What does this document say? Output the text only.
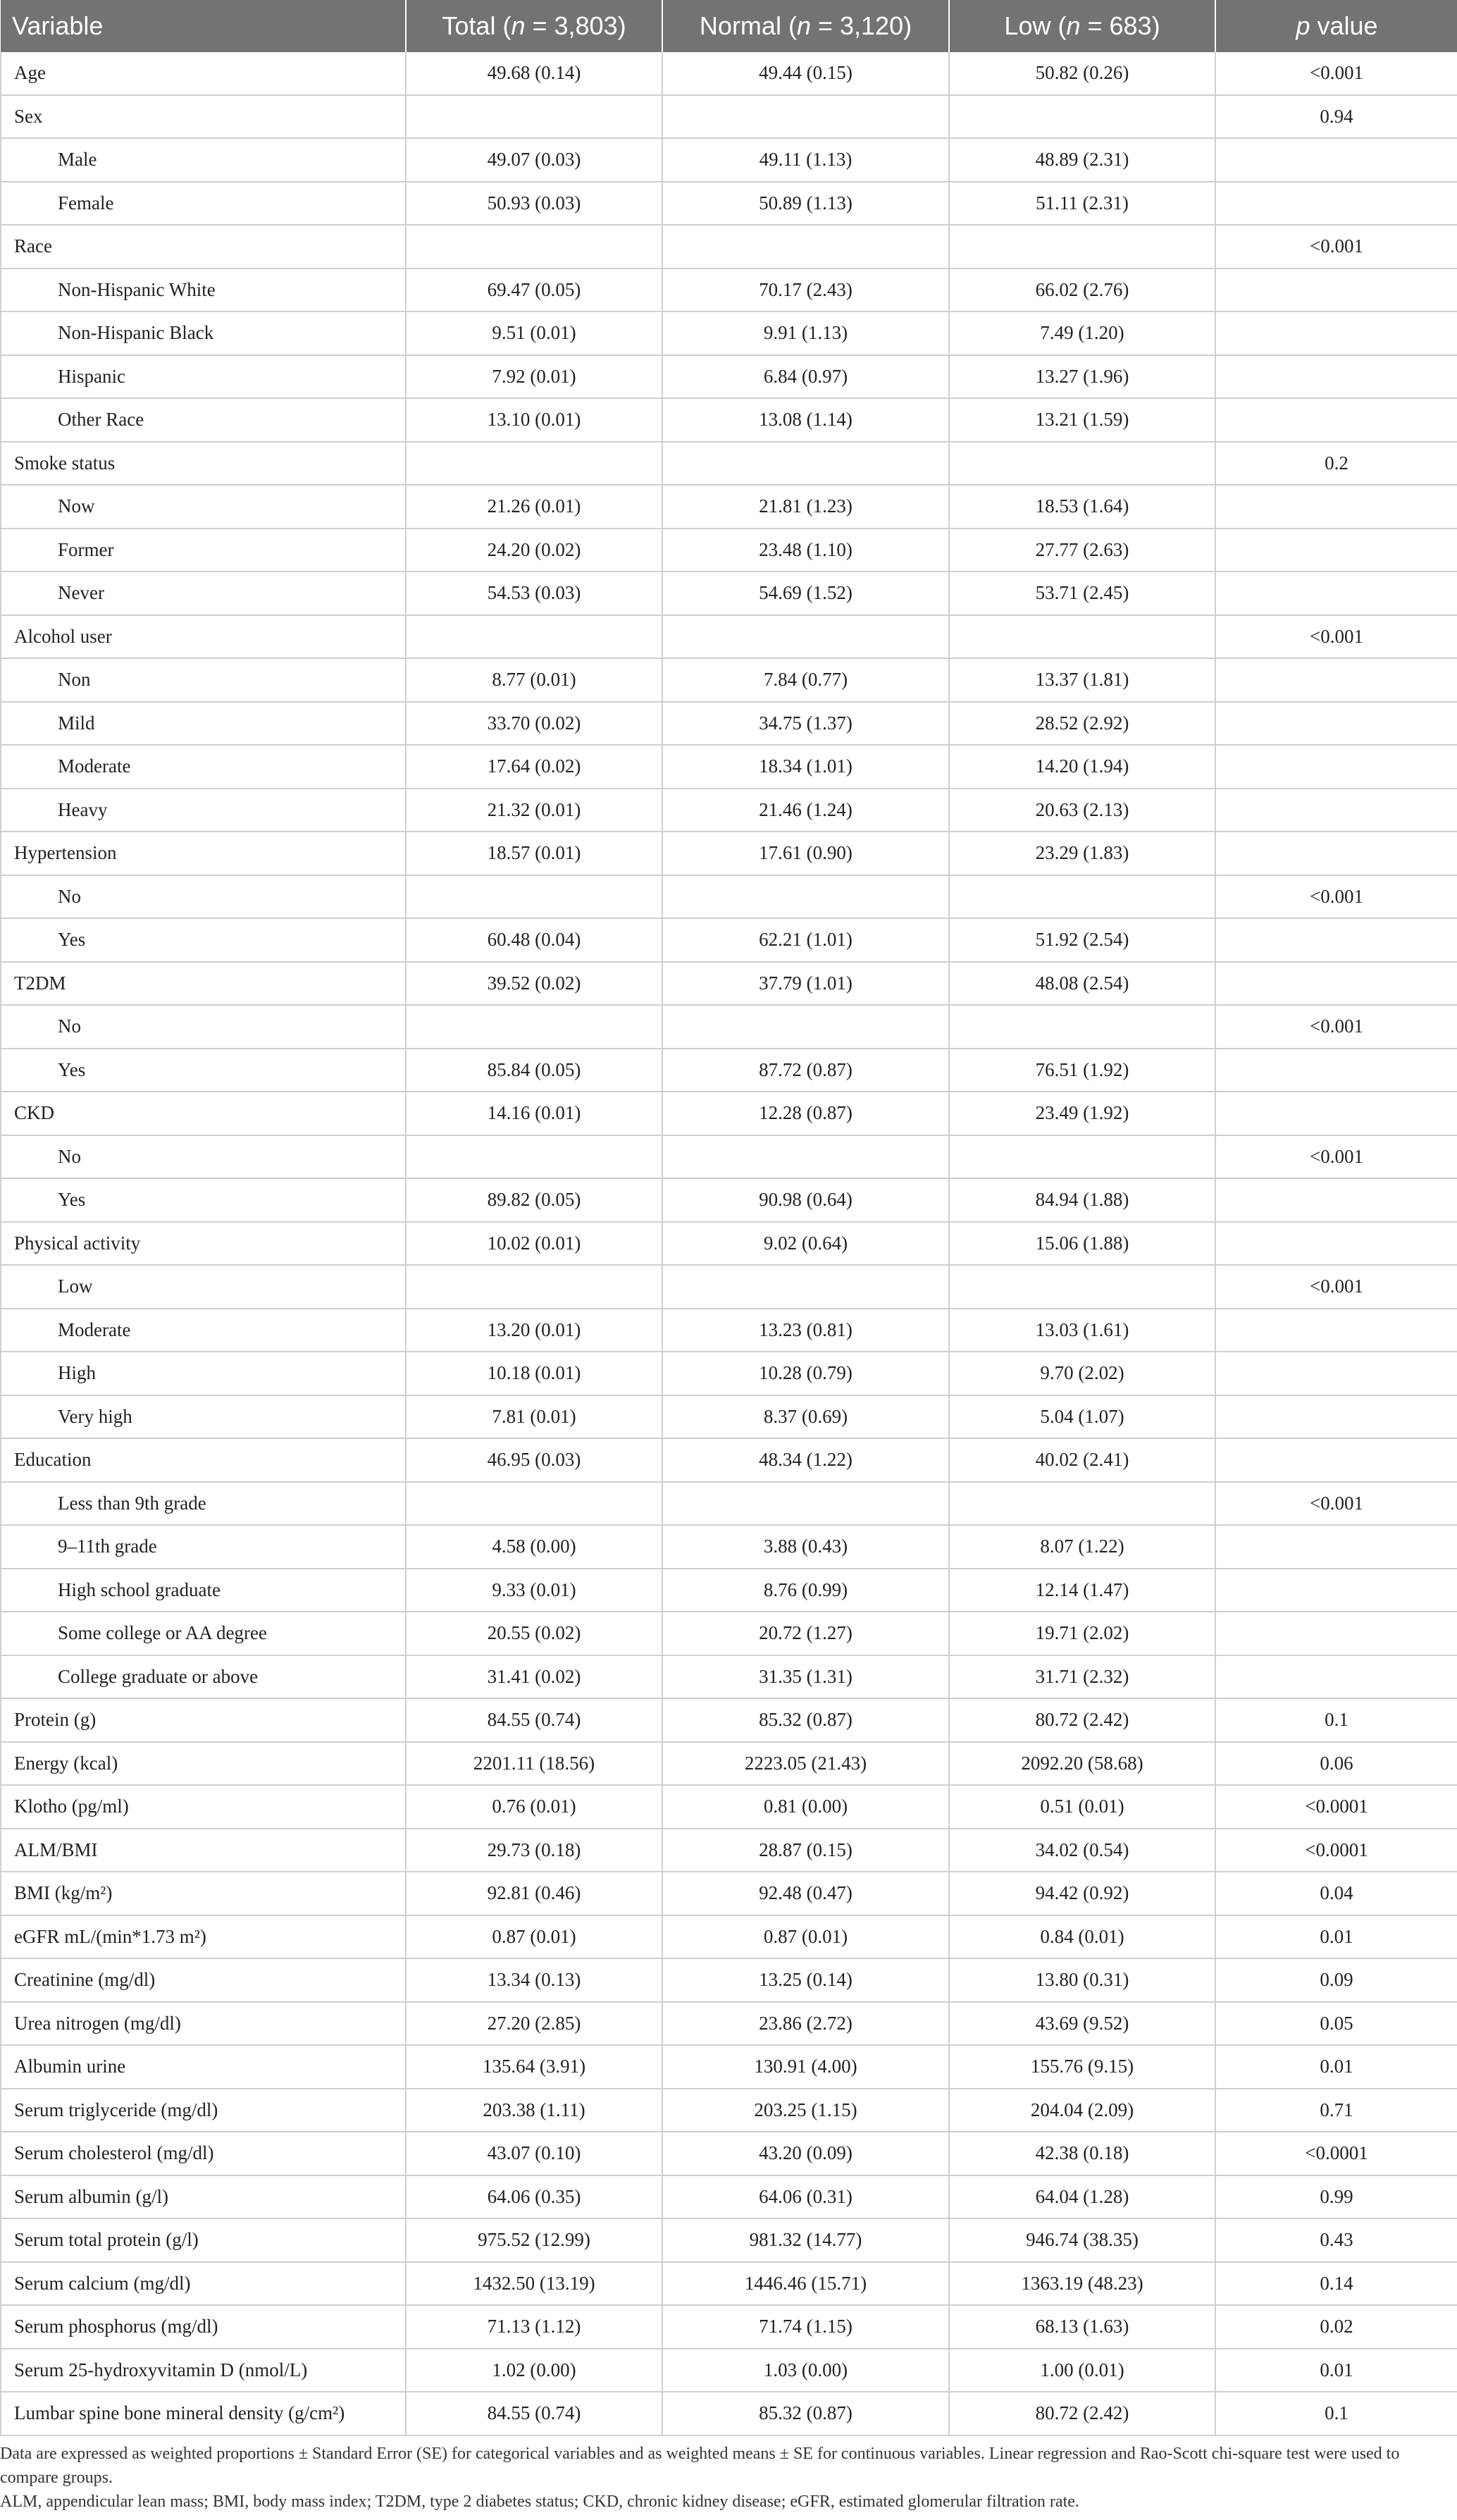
Variable	Total (n = 3,803)	Normal (n = 3,120)	Low (n = 683)	p value
Age	49.68 (0.14)	49.44 (0.15)	50.82 (0.26)	<0.001
Sex				0.94
Male	49.07 (0.03)	49.11 (1.13)	48.89 (2.31)	
Female	50.93 (0.03)	50.89 (1.13)	51.11 (2.31)	
Race				<0.001
Non-Hispanic White	69.47 (0.05)	70.17 (2.43)	66.02 (2.76)	
Non-Hispanic Black	9.51 (0.01)	9.91 (1.13)	7.49 (1.20)	
Hispanic	7.92 (0.01)	6.84 (0.97)	13.27 (1.96)	
Other Race	13.10 (0.01)	13.08 (1.14)	13.21 (1.59)	
Smoke status				0.2
Now	21.26 (0.01)	21.81 (1.23)	18.53 (1.64)	
Former	24.20 (0.02)	23.48 (1.10)	27.77 (2.63)	
Never	54.53 (0.03)	54.69 (1.52)	53.71 (2.45)	
Alcohol user				<0.001
Non	8.77 (0.01)	7.84 (0.77)	13.37 (1.81)	
Mild	33.70 (0.02)	34.75 (1.37)	28.52 (2.92)	
Moderate	17.64 (0.02)	18.34 (1.01)	14.20 (1.94)	
Heavy	21.32 (0.01)	21.46 (1.24)	20.63 (2.13)	
Hypertension	18.57 (0.01)	17.61 (0.90)	23.29 (1.83)	
No				<0.001
Yes	60.48 (0.04)	62.21 (1.01)	51.92 (2.54)	
T2DM	39.52 (0.02)	37.79 (1.01)	48.08 (2.54)	
No				<0.001
Yes	85.84 (0.05)	87.72 (0.87)	76.51 (1.92)	
CKD	14.16 (0.01)	12.28 (0.87)	23.49 (1.92)	
No				<0.001
Yes	89.82 (0.05)	90.98 (0.64)	84.94 (1.88)	
Physical activity	10.02 (0.01)	9.02 (0.64)	15.06 (1.88)	
Low				<0.001
Moderate	13.20 (0.01)	13.23 (0.81)	13.03 (1.61)	
High	10.18 (0.01)	10.28 (0.79)	9.70 (2.02)	
Very high	7.81 (0.01)	8.37 (0.69)	5.04 (1.07)	
Education	46.95 (0.03)	48.34 (1.22)	40.02 (2.41)	
Less than 9th grade				<0.001
9–11th grade	4.58 (0.00)	3.88 (0.43)	8.07 (1.22)	
High school graduate	9.33 (0.01)	8.76 (0.99)	12.14 (1.47)	
Some college or AA degree	20.55 (0.02)	20.72 (1.27)	19.71 (2.02)	
College graduate or above	31.41 (0.02)	31.35 (1.31)	31.71 (2.32)	
Protein (g)	84.55 (0.74)	85.32 (0.87)	80.72 (2.42)	0.1
Energy (kcal)	2201.11 (18.56)	2223.05 (21.43)	2092.20 (58.68)	0.06
Klotho (pg/ml)	0.76 (0.01)	0.81 (0.00)	0.51 (0.01)	<0.0001
ALM/BMI	29.73 (0.18)	28.87 (0.15)	34.02 (0.54)	<0.0001
BMI (kg/m²)	92.81 (0.46)	92.48 (0.47)	94.42 (0.92)	0.04
eGFR mL/(min*1.73 m²)	0.87 (0.01)	0.87 (0.01)	0.84 (0.01)	0.01
Creatinine (mg/dl)	13.34 (0.13)	13.25 (0.14)	13.80 (0.31)	0.09
Urea nitrogen (mg/dl)	27.20 (2.85)	23.86 (2.72)	43.69 (9.52)	0.05
Albumin urine	135.64 (3.91)	130.91 (4.00)	155.76 (9.15)	0.01
Serum triglyceride (mg/dl)	203.38 (1.11)	203.25 (1.15)	204.04 (2.09)	0.71
Serum cholesterol (mg/dl)	43.07 (0.10)	43.20 (0.09)	42.38 (0.18)	<0.0001
Serum albumin (g/l)	64.06 (0.35)	64.06 (0.31)	64.04 (1.28)	0.99
Serum total protein (g/l)	975.52 (12.99)	981.32 (14.77)	946.74 (38.35)	0.43
Serum calcium (mg/dl)	1432.50 (13.19)	1446.46 (15.71)	1363.19 (48.23)	0.14
Serum phosphorus (mg/dl)	71.13 (1.12)	71.74 (1.15)	68.13 (1.63)	0.02
Serum 25-hydroxyvitamin D (nmol/L)	1.02 (0.00)	1.03 (0.00)	1.00 (0.01)	0.01
Lumbar spine bone mineral density (g/cm²)	84.55 (0.74)	85.32 (0.87)	80.72 (2.42)	0.1

Data are expressed as weighted proportions ± Standard Error (SE) for categorical variables and as weighted means ± SE for continuous variables. Linear regression and Rao-Scott chi-square test were used to compare groups.

ALM, appendicular lean mass; BMI, body mass index; T2DM, type 2 diabetes status; CKD, chronic kidney disease; eGFR, estimated glomerular filtration rate.
